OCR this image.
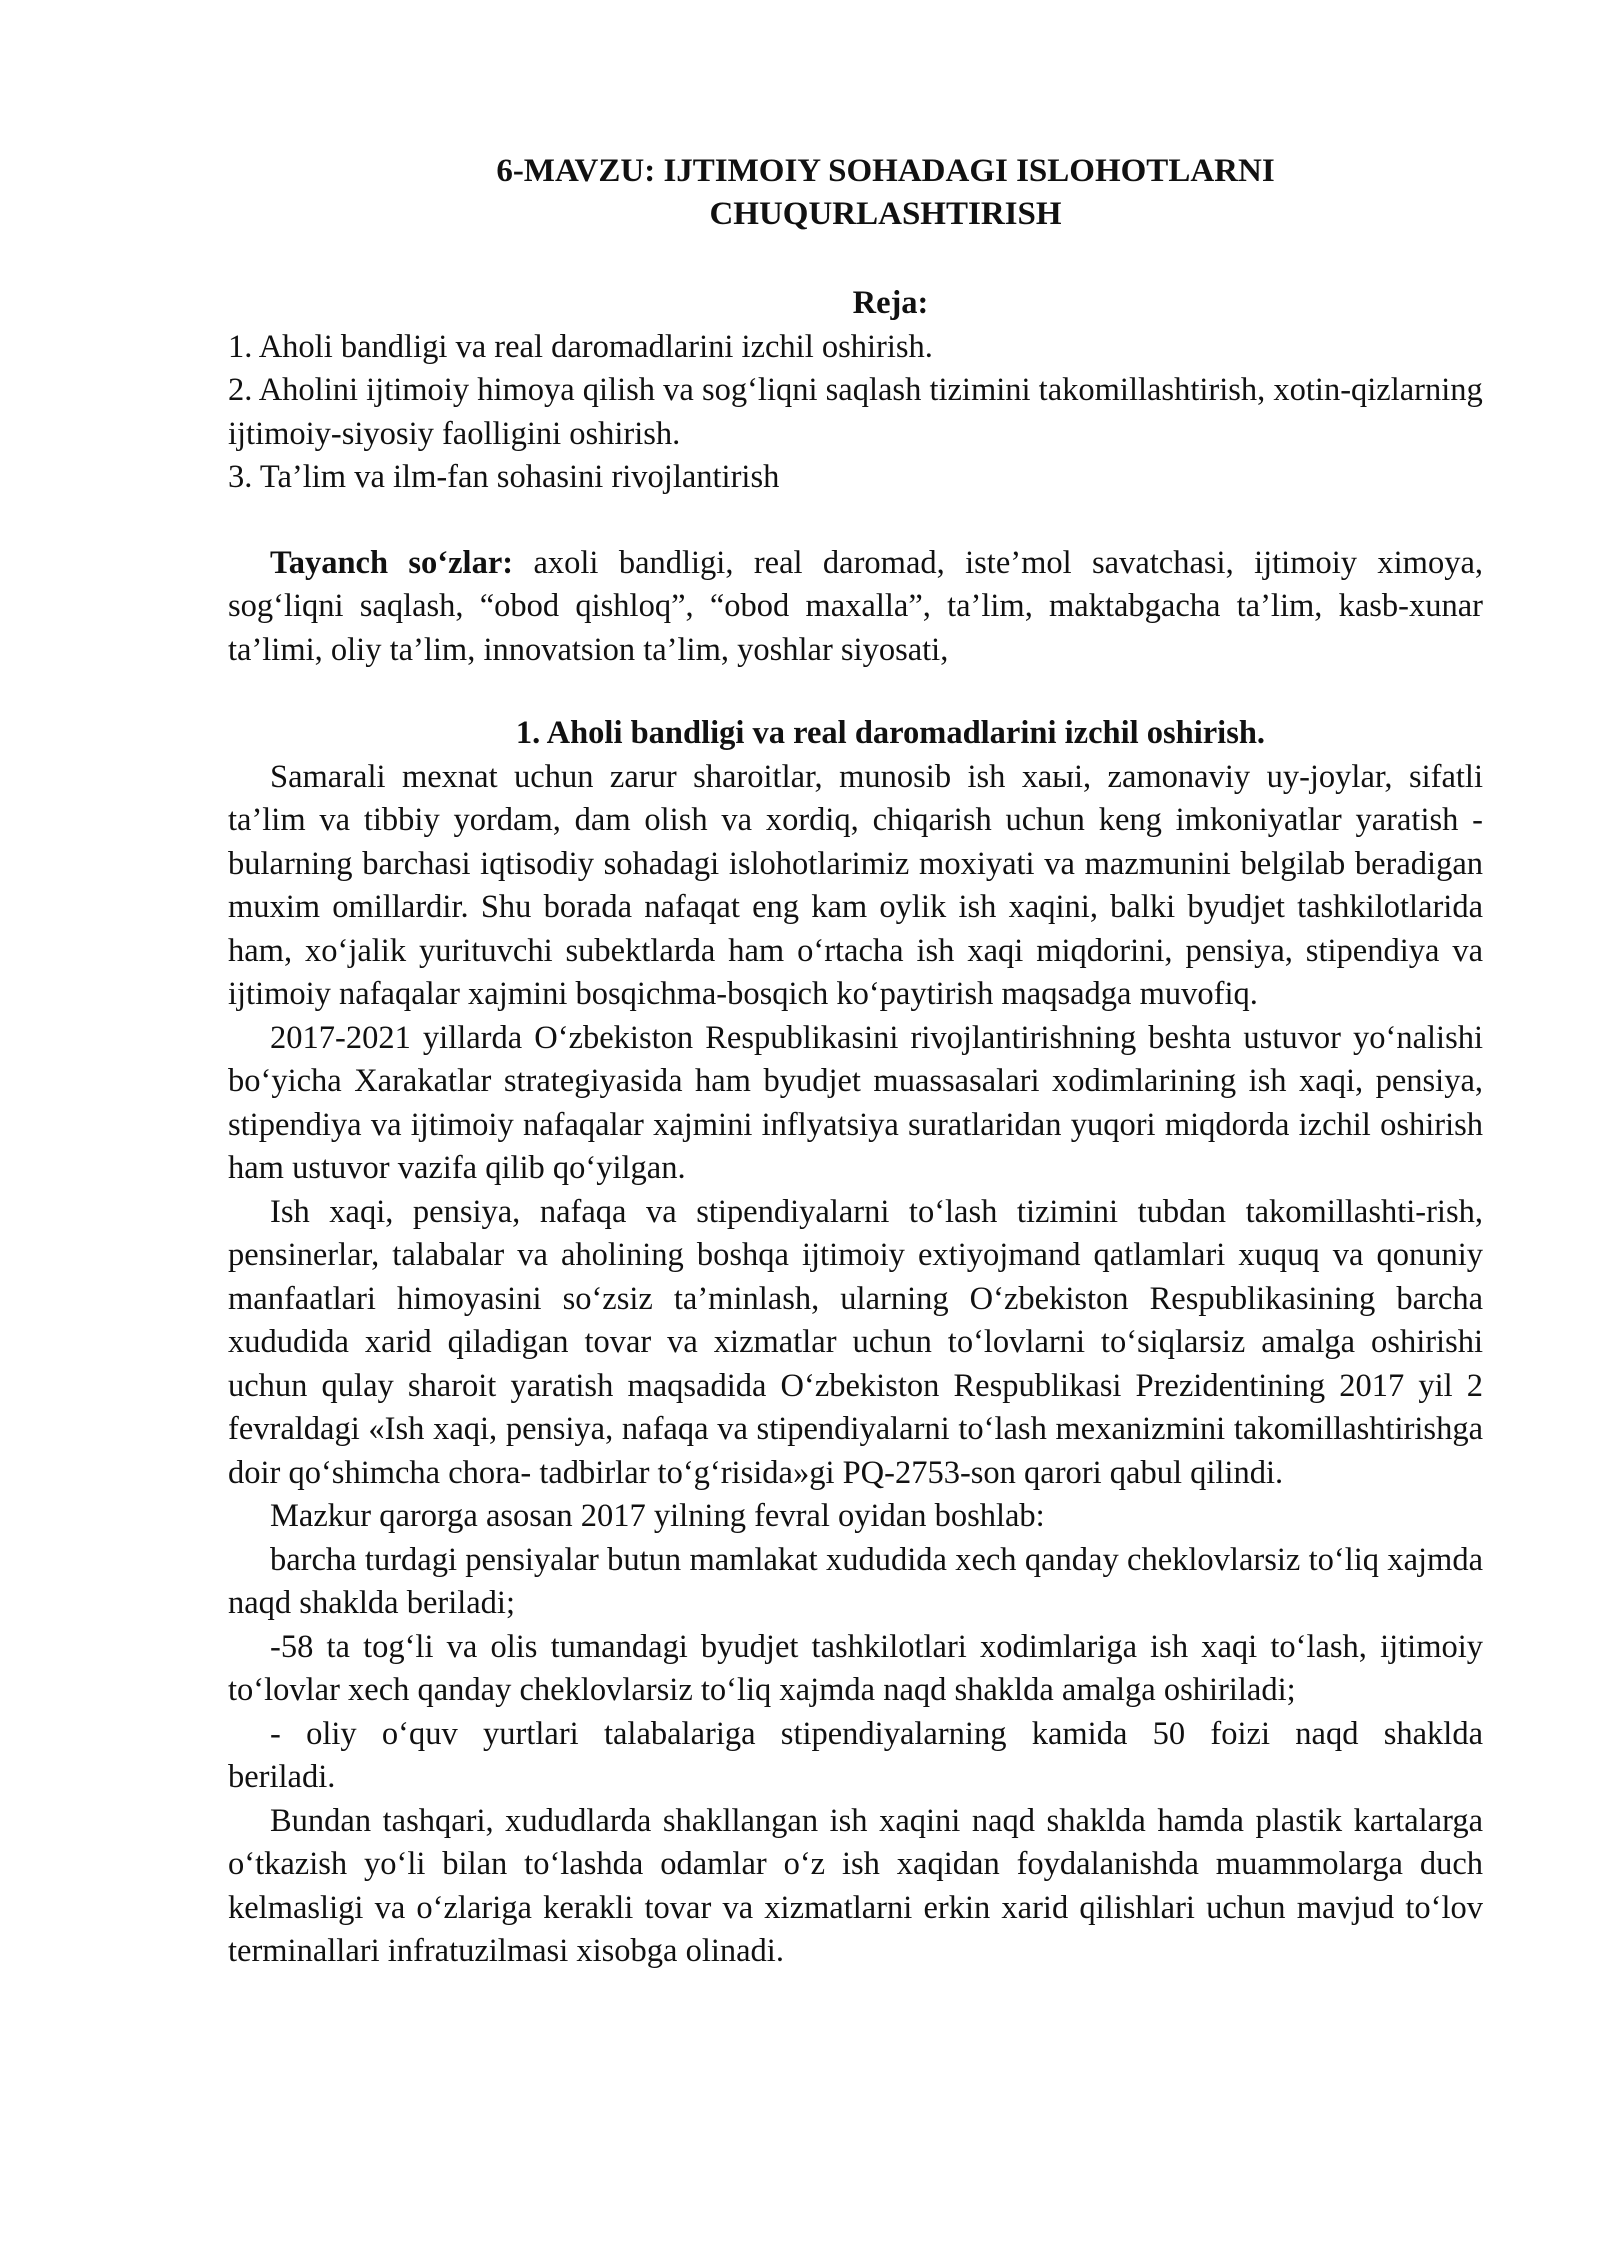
6-MAVZU: IJTIMOIY SOHADAGI ISLOHOTLARNI
CHUQURLASHTIRISH
Reja:
1. Aholi bandligi va real daromadlarini izchil oshirish.
2. Aholini ijtimoiy himoya qilish va sog‘liqni saqlash tizimini takomillashtirish, xotin-qizlarning ijtimoiy-siyosiy faolligini oshirish.
3. Ta’lim va ilm-fan sohasini rivojlantirish
Tayanch so‘zlar: axoli bandligi, real daromad, iste’mol savatchasi, ijtimoiy ximoya, sog‘liqni saqlash, “obod qishloq”, “obod maxalla”, ta’lim, maktabgacha ta’lim, kasb-xunar ta’limi, oliy ta’lim, innovatsion ta’lim, yoshlar siyosati,
1. Aholi bandligi va real daromadlarini izchil oshirish.

Samarali mexnat uchun zarur sharoitlar, munosib ish хаыi, zamonaviy uy-joylar, sifatli ta’lim va tibbiy yordam, dam olish va xordiq, chiqarish uchun keng imkoniyatlar yaratish - bularning barchasi iqtisodiy sohadagi islohotlarimiz moxiyati va mazmunini belgilab beradigan muxim omillardir. Shu borada nafaqat eng kam oylik ish xaqini, balki byudjet tashkilotlarida ham, xo‘jalik yurituvchi subektlarda ham o‘rtacha ish xaqi miqdorini, pensiya, stipendiya va ijtimoiy nafaqalar xajmini bosqichma-bosqich ko‘paytirish maqsadga muvofiq.

2017-2021 yillarda O‘zbekiston Respublikasini rivojlantirishning beshta ustuvor yo‘nalishi bo‘yicha Xarakatlar strategiyasida ham byudjet muassasalari xodimlarining ish xaqi, pensiya, stipendiya va ijtimoiy nafaqalar xajmini inflyatsiya suratlaridan yuqori miqdorda izchil oshirish ham ustuvor vazifa qilib qo‘yilgan.

Ish xaqi, pensiya, nafaqa va stipendiyalarni to‘lash tizimini tubdan takomillashti-rish, pensinerlar, talabalar va aholining boshqa ijtimoiy extiyojmand qatlamlari xuquq va qonuniy manfaatlari himoyasini so‘zsiz ta’minlash, ularning O‘zbekiston Respublikasining barcha xududida xarid qiladigan tovar va xizmatlar uchun to‘lovlarni to‘siqlarsiz amalga oshirishi uchun qulay sharoit yaratish maqsadida O‘zbekiston Respublikasi Prezidentining 2017 yil 2 fevraldagi «Ish xaqi, pensiya, nafaqa va stipendiyalarni to‘lash mexanizmini takomillashtirishga doir qo‘shimcha chora- tadbirlar to‘g‘risida»gi PQ-2753-son qarori qabul qilindi.

Mazkur qarorga asosan 2017 yilning fevral oyidan boshlab:

barcha turdagi pensiyalar butun mamlakat xududida xech qanday cheklovlarsiz to‘liq xajmda naqd shaklda beriladi;

-58 ta tog‘li va olis tumandagi byudjet tashkilotlari xodimlariga ish xaqi to‘lash, ijtimoiy to‘lovlar xech qanday cheklovlarsiz to‘liq xajmda naqd shaklda amalga oshiriladi;

- oliy o‘quv yurtlari talabalariga stipendiyalarning kamida 50 foizi naqd shaklda beriladi.

Bundan tashqari, xududlarda shakllangan ish xaqini naqd shaklda hamda plastik kartalarga o‘tkazish yo‘li bilan to‘lashda odamlar o‘z ish xaqidan foydalanishda muammolarga duch kelmasligi va o‘zlariga kerakli tovar va xizmatlarni erkin xarid qilishlari uchun mavjud to‘lov terminallari infratuzilmasi xisobga olinadi.
